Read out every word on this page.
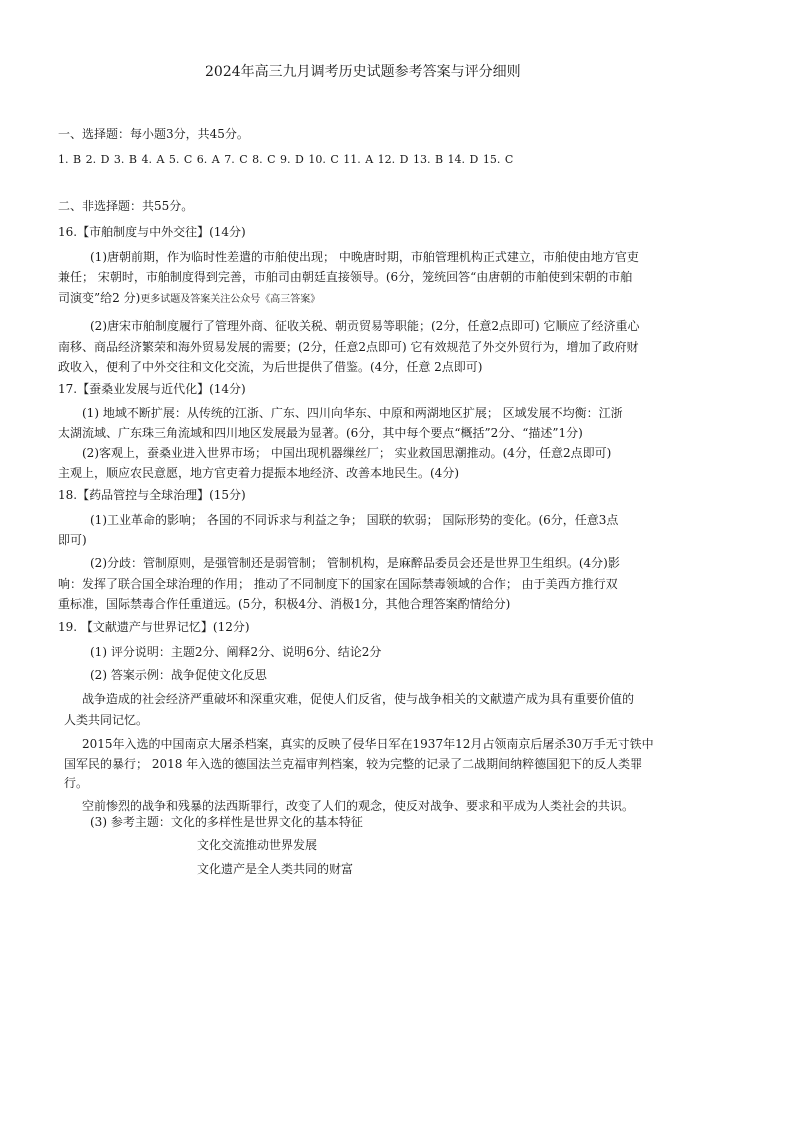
2024年高三九月调考历史试题参考答案与评分细则
一、选择题：每小题3分，共45分。
1. B 2. D 3. B 4. A 5. C 6. A 7. C 8. C 9. D 10. C 11. A 12. D 13. B 14. D 15. C
二、非选择题：共55分。
16.【市舶制度与中外交往】(14分)
(1)唐朝前期，作为临时性差遣的市舶使出现； 中晚唐时期，市舶管理机构正式建立，市舶使由地方官吏
兼任； 宋朝时，市舶制度得到完善，市舶司由朝廷直接领导。(6分，笼统回答“由唐朝的市舶使到宋朝的市舶
司演变”给2 分)更多试题及答案关注公众号《高三答案》
(2)唐宋市舶制度履行了管理外商、征收关税、朝贡贸易等职能；(2分，任意2点即可) 它顺应了经济重心
南移、商品经济繁荣和海外贸易发展的需要；(2分，任意2点即可) 它有效规范了外交外贸行为，增加了政府财
政收入，便利了中外交往和文化交流，为后世提供了借鉴。(4分，任意 2点即可)
17.【蚕桑业发展与近代化】(14分)
(1) 地域不断扩展：从传统的江浙、广东、四川向华东、中原和两湖地区扩展； 区域发展不均衡：江浙
太湖流域、广东珠三角流域和四川地区发展最为显著。(6分，其中每个要点“概括”2分、“描述”1分)
(2)客观上，蚕桑业进入世界市场； 中国出现机器缫丝厂； 实业救国思潮推动。(4分，任意2点即可)
主观上，顺应农民意愿，地方官吏着力提振本地经济、改善本地民生。(4分)
18.【药品管控与全球治理】(15分)
(1)工业革命的影响； 各国的不同诉求与利益之争； 国联的软弱； 国际形势的变化。(6分，任意3点
即可)
(2)分歧：管制原则，是强管制还是弱管制； 管制机构，是麻醉品委员会还是世界卫生组织。(4分)影
响：发挥了联合国全球治理的作用； 推动了不同制度下的国家在国际禁毒领域的合作； 由于美西方推行双
重标准，国际禁毒合作任重道远。(5分，积极4分、消极1分，其他合理答案酌情给分)
19. 【文献遗产与世界记忆】(12分)
(1) 评分说明：主题2分、阐释2分、说明6分、结论2分
(2) 答案示例：战争促使文化反思
战争造成的社会经济严重破坏和深重灾难，促使人们反省，使与战争相关的文献遗产成为具有重要价值的
人类共同记忆。
2015年入选的中国南京大屠杀档案，真实的反映了侵华日军在1937年12月占领南京后屠杀30万手无寸铁中
国军民的暴行； 2018 年入选的德国法兰克福审判档案，较为完整的记录了二战期间纳粹德国犯下的反人类罪
行。
空前惨烈的战争和残暴的法西斯罪行，改变了人们的观念，使反对战争、要求和平成为人类社会的共识。
(3) 参考主题：文化的多样性是世界文化的基本特征
文化交流推动世界发展
文化遗产是全人类共同的财富
